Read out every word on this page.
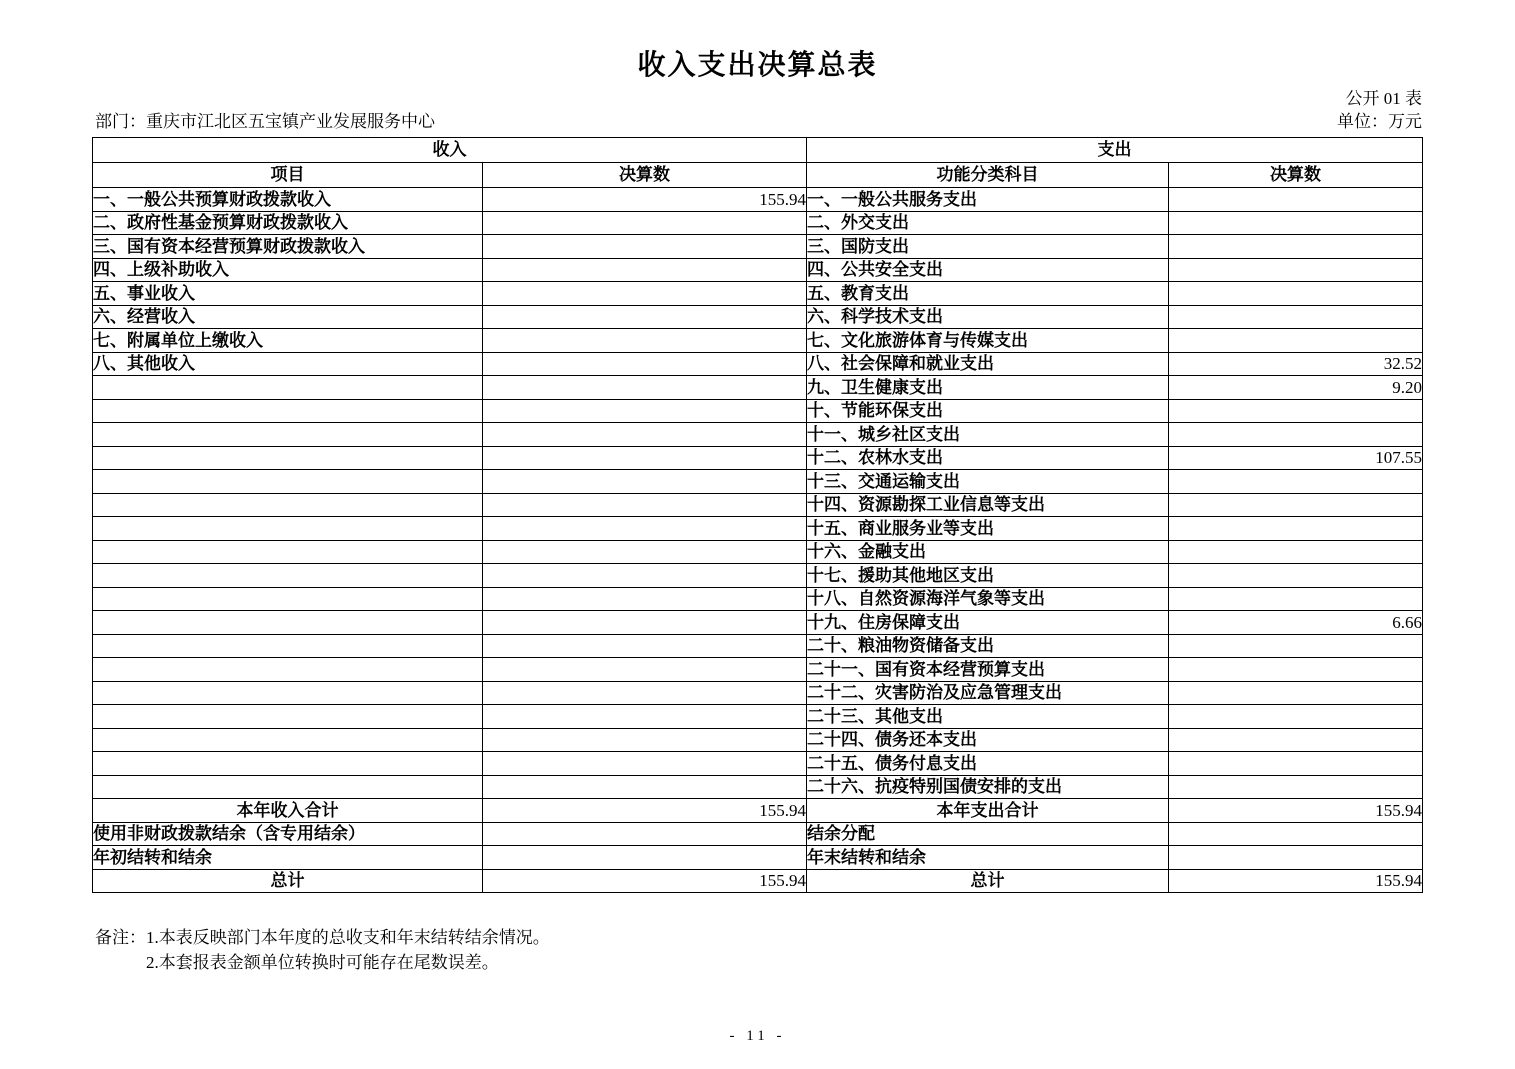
收入支出决算总表
公开 01 表
部门：重庆市江北区五宝镇产业发展服务中心	单位：万元
收入		支出	
项目	决算数	功能分类科目	决算数
一、一般公共预算财政拨款收入	155.94	一、一般公共服务支出	
二、政府性基金预算财政拨款收入		二、外交支出	
三、国有资本经营预算财政拨款收入		三、国防支出	
四、上级补助收入		四、公共安全支出	
五、事业收入		五、教育支出	
六、经营收入		六、科学技术支出	
七、附属单位上缴收入		七、文化旅游体育与传媒支出	
八、其他收入		八、社会保障和就业支出	32.52
		九、卫生健康支出	9.20
		十、节能环保支出	
		十一、城乡社区支出	
		十二、农林水支出	107.55
		十三、交通运输支出	
		十四、资源勘探工业信息等支出	
		十五、商业服务业等支出	
		十六、金融支出	
		十七、援助其他地区支出	
		十八、自然资源海洋气象等支出	
		十九、住房保障支出	6.66
		二十、粮油物资储备支出	
		二十一、国有资本经营预算支出	
		二十二、灾害防治及应急管理支出	
		二十三、其他支出	
		二十四、债务还本支出	
		二十五、债务付息支出	
		二十六、抗疫特别国债安排的支出	
本年收入合计	155.94	本年支出合计	155.94
使用非财政拨款结余（含专用结余）		结余分配	
年初结转和结余		年末结转和结余	
总计	155.94	总计	155.94
备注：1.本表反映部门本年度的总收支和年末结转结余情况。
2.本套报表金额单位转换时可能存在尾数误差。
- 11 -
